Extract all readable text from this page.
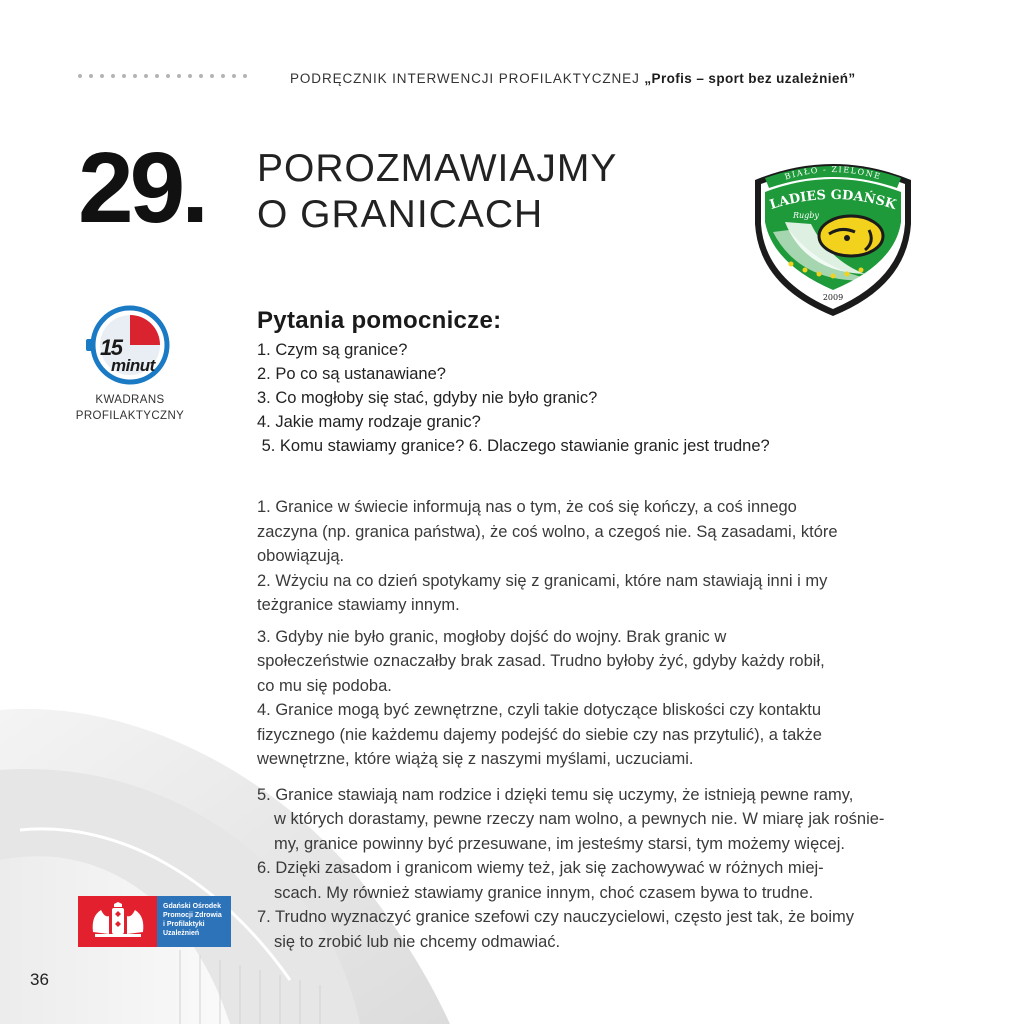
PODRĘCZNIK INTERWENCJI PROFILAKTYCZNEJ „Profis – sport bez uzależnień”
29. POROZMAWIAJMY
O GRANICACH
BIAŁO - ZIELONE
LADIES GDAŃSK
Rugby
2009
15
minut
KWADRANS
PROFILAKTYCZNY
Pytania pomocnicze:
1. Czym są granice?
2. Po co są ustanawiane?
3. Co mogłoby się stać, gdyby nie było granic?
4. Jakie mamy rodzaje granic?
5. Komu stawiamy granice? 6. Dlaczego stawianie granic jest trudne?

1. Granice w świecie informują nas o tym, że coś się kończy, a coś innego
zaczyna (np. granica państwa), że coś wolno, a czegoś nie. Są zasadami, które
obowiązują.

2. Wżyciu na co dzień spotykamy się z granicami, które nam stawiają inni i my
teżgranice stawiamy innym.

3. Gdyby nie było granic, mogłoby dojść do wojny. Brak granic w
społeczeństwie oznaczałby brak zasad. Trudno byłoby żyć, gdyby każdy robił,
co mu się podoba.

4. Granice mogą być zewnętrzne, czyli takie dotyczące bliskości czy kontaktu
fizycznego (nie każdemu dajemy podejść do siebie czy nas przytulić), a także
wewnętrzne, które wiążą się z naszymi myślami, uczuciami.

5. Granice stawiają nam rodzice i dzięki temu się uczymy, że istnieją pewne ramy,
w których dorastamy, pewne rzeczy nam wolno, a pewnych nie. W miarę jak rośnie-
my, granice powinny być przesuwane, im jesteśmy starsi, tym możemy więcej.

6. Dzięki zasadom i granicom wiemy też, jak się zachowywać w różnych miej-
scach. My również stawiamy granice innym, choć czasem bywa to trudne.

7. Trudno wyznaczyć granice szefowi czy nauczycielowi, często jest tak, że boimy
się to zrobić lub nie chcemy odmawiać.

Gdański Ośrodek
Promocji Zdrowia
i Profilaktyki
Uzależnień
36
